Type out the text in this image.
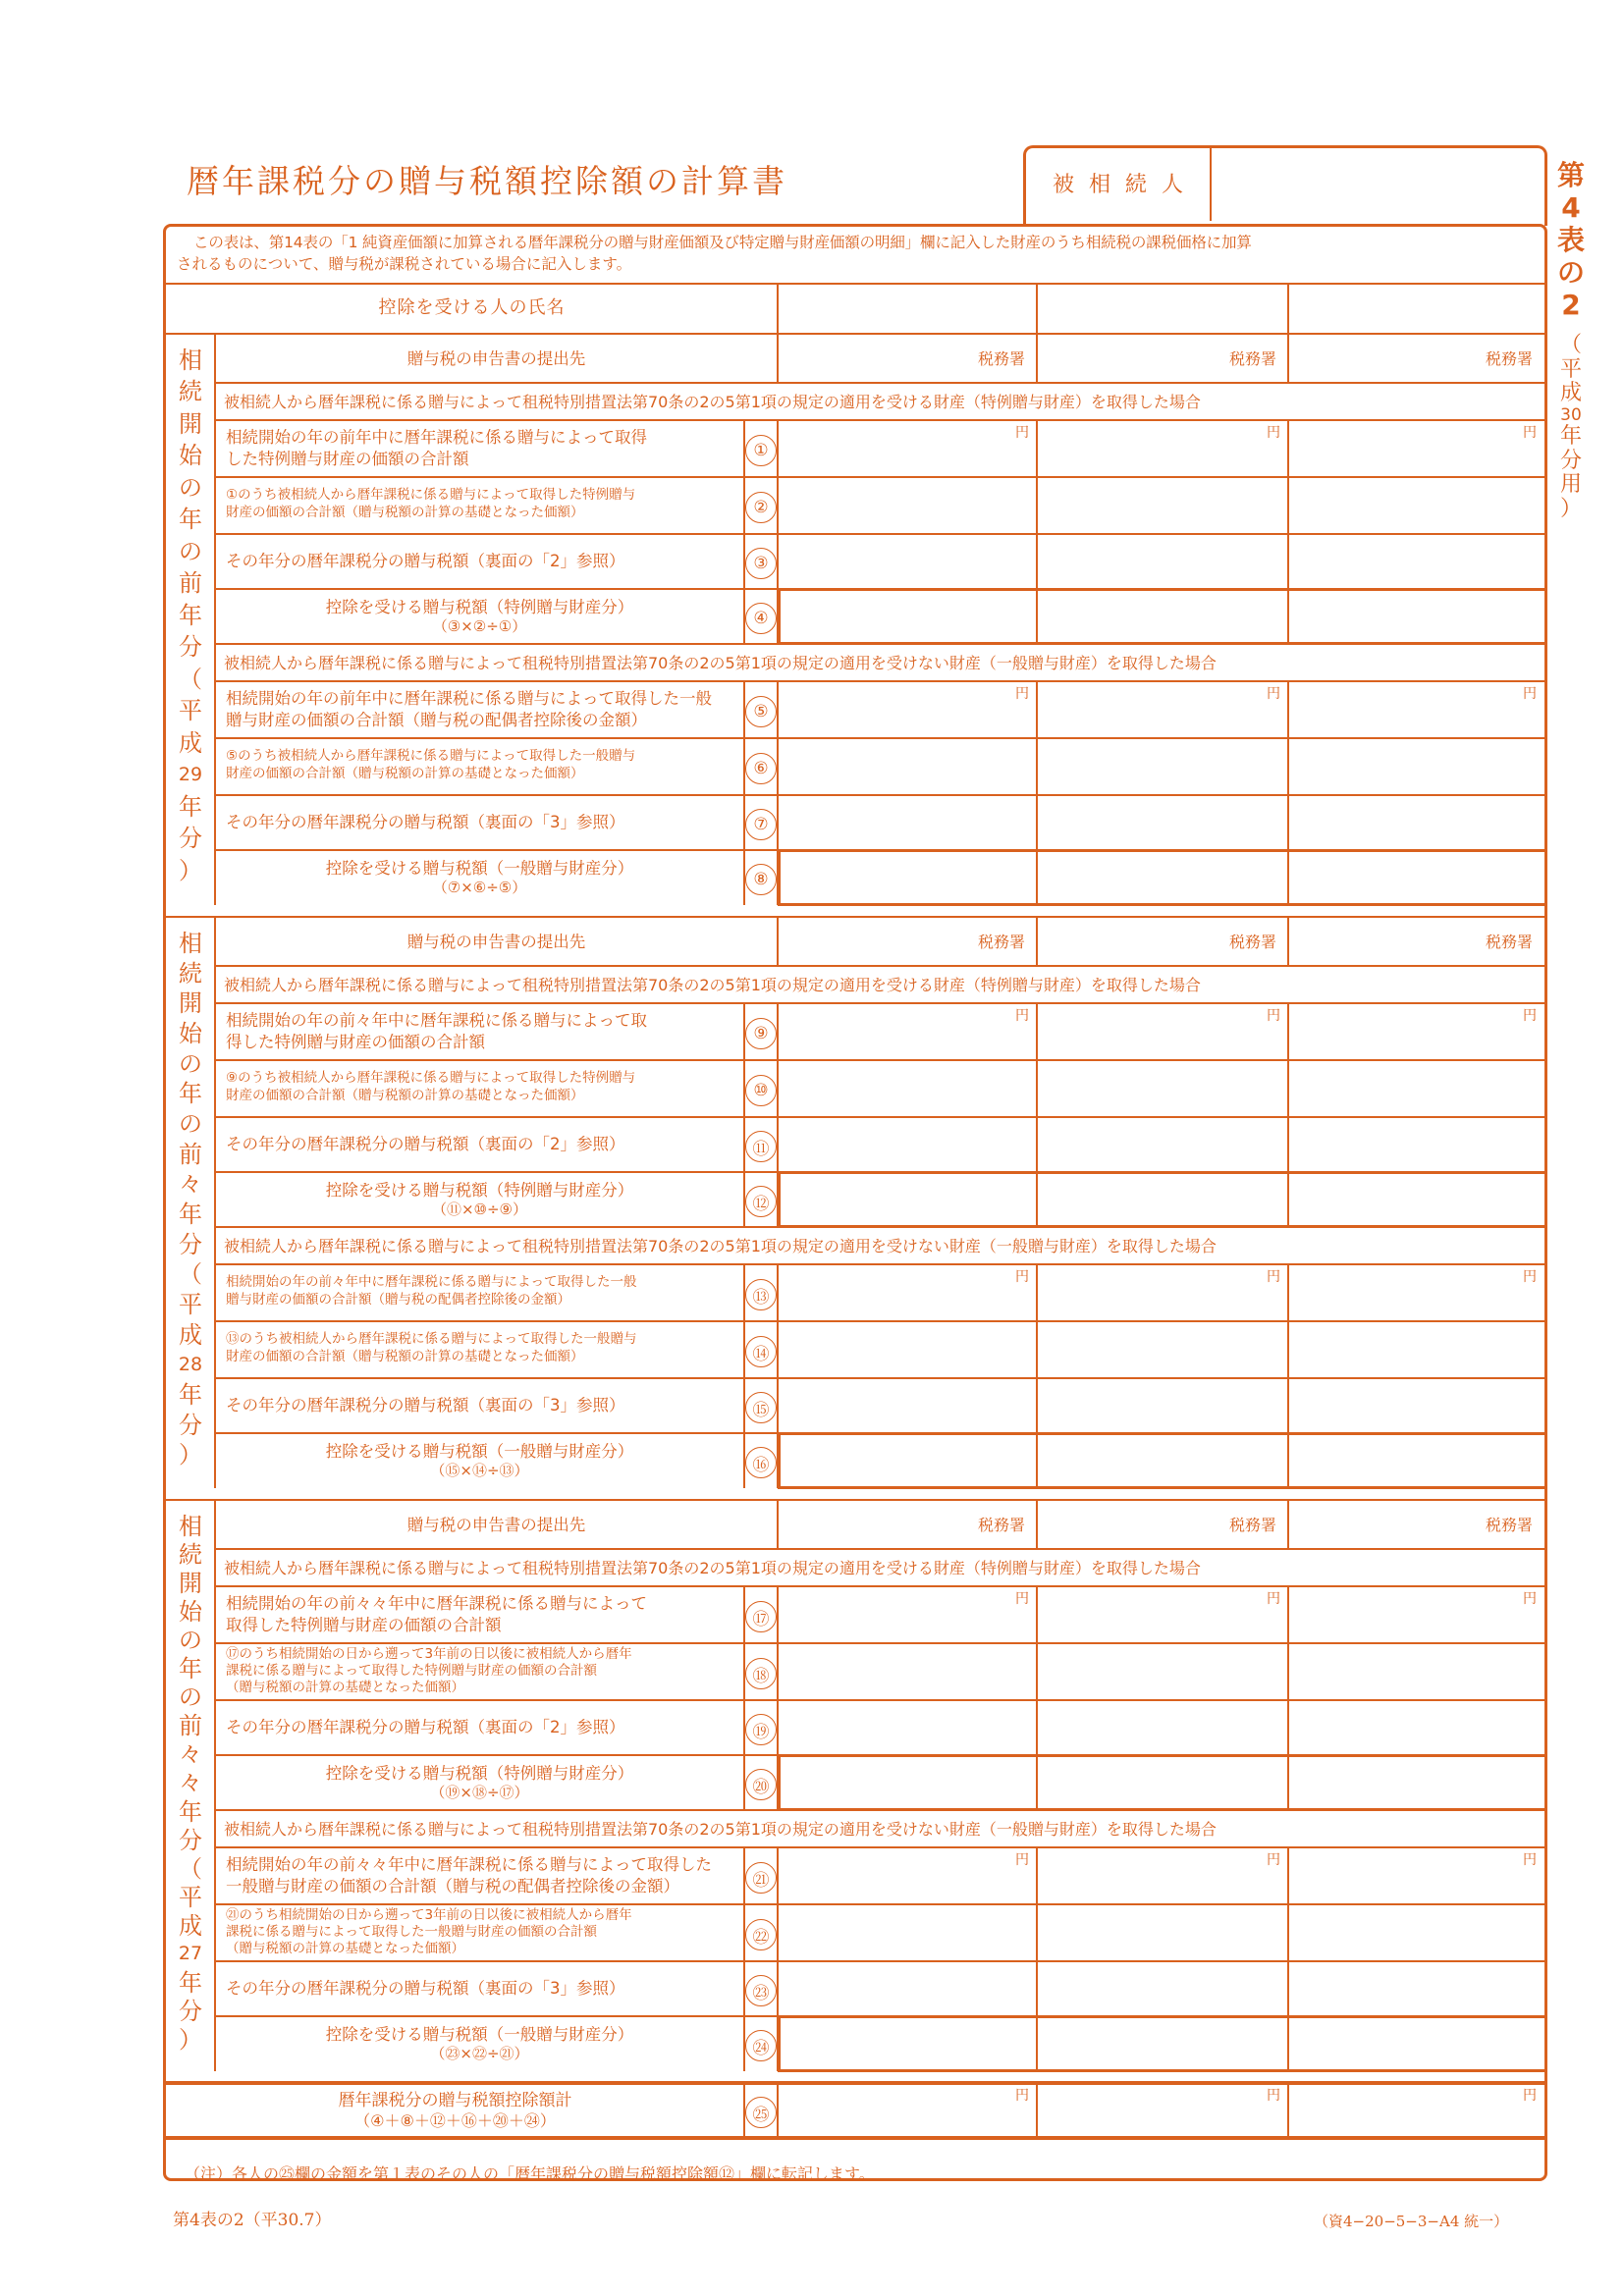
暦年課税分の贈与税額控除額の計算書	被 相 続 人	第
4
表
の
2
（
平
成
30
年
分
用
）
この表は、第14表の「1 純資産価額に加算される暦年課税分の贈与財産価額及び特定贈与財産価額の明細」欄に記入した財産のうち相続税の課税価格に加算
されるものについて、贈与税が課税されている場合に記入します。
控除を受ける人の氏名
贈与税の申告書の提出先	税務署	税務署	税務署
被相続人から暦年課税に係る贈与によって租税特別措置法第70条の2の5第1項の規定の適用を受ける財産（特例贈与財産）を取得した場合
相続開始の年の前年中に暦年課税に係る贈与によって取得
した特例贈与財産の価額の合計額	①
円	円	円
①のうち被相続人から暦年課税に係る贈与によって取得した特例贈与
財産の価額の合計額（贈与税額の計算の基礎となった価額）	②
その年分の暦年課税分の贈与税額（裏面の「2」参照）	③
控除を受ける贈与税額（特例贈与財産分）
（③×②÷①）	④
被相続人から暦年課税に係る贈与によって租税特別措置法第70条の2の5第1項の規定の適用を受けない財産（一般贈与財産）を取得した場合
相続開始の年の前年中に暦年課税に係る贈与によって取得した一般
贈与財産の価額の合計額（贈与税の配偶者控除後の金額）	⑤
円	円	円
⑤のうち被相続人から暦年課税に係る贈与によって取得した一般贈与
財産の価額の合計額（贈与税額の計算の基礎となった価額）	⑥
その年分の暦年課税分の贈与税額（裏面の「3」参照）	⑦
控除を受ける贈与税額（一般贈与財産分）
（⑦×⑥÷⑤）	⑧
相
続
開
始
の
年
の
前
年
分
（
平
成
29
年
分
）
贈与税の申告書の提出先	税務署	税務署	税務署
被相続人から暦年課税に係る贈与によって租税特別措置法第70条の2の5第1項の規定の適用を受ける財産（特例贈与財産）を取得した場合
相続開始の年の前々年中に暦年課税に係る贈与によって取
得した特例贈与財産の価額の合計額	⑨
円	円	円
⑨のうち被相続人から暦年課税に係る贈与によって取得した特例贈与
財産の価額の合計額（贈与税額の計算の基礎となった価額）	⑩
その年分の暦年課税分の贈与税額（裏面の「2」参照）	⑪
控除を受ける贈与税額（特例贈与財産分）
（⑪×⑩÷⑨）	⑫
被相続人から暦年課税に係る贈与によって租税特別措置法第70条の2の5第1項の規定の適用を受けない財産（一般贈与財産）を取得した場合
相続開始の年の前々年中に暦年課税に係る贈与によって取得した一般
贈与財産の価額の合計額（贈与税の配偶者控除後の金額）	⑬
円	円	円
⑬のうち被相続人から暦年課税に係る贈与によって取得した一般贈与
財産の価額の合計額（贈与税額の計算の基礎となった価額）	⑭
その年分の暦年課税分の贈与税額（裏面の「3」参照）	⑮
控除を受ける贈与税額（一般贈与財産分）
（⑮×⑭÷⑬）	⑯
相
続
開
始
の
年
の
前
々
年
分
（
平
成
28
年
分
）
贈与税の申告書の提出先	税務署	税務署	税務署
被相続人から暦年課税に係る贈与によって租税特別措置法第70条の2の5第1項の規定の適用を受ける財産（特例贈与財産）を取得した場合
相続開始の年の前々々年中に暦年課税に係る贈与によって
取得した特例贈与財産の価額の合計額	⑰
円	円	円
⑰のうち相続開始の日から遡って3年前の日以後に被相続人から暦年
課税に係る贈与によって取得した特例贈与財産の価額の合計額
（贈与税額の計算の基礎となった価額）
⑱
その年分の暦年課税分の贈与税額（裏面の「2」参照）	⑲
控除を受ける贈与税額（特例贈与財産分）
（⑲×⑱÷⑰）	⑳
被相続人から暦年課税に係る贈与によって租税特別措置法第70条の2の5第1項の規定の適用を受けない財産（一般贈与財産）を取得した場合
相続開始の年の前々々年中に暦年課税に係る贈与によって取得した
一般贈与財産の価額の合計額（贈与税の配偶者控除後の金額）	㉑
円	円	円
㉑のうち相続開始の日から遡って3年前の日以後に被相続人から暦年
課税に係る贈与によって取得した一般贈与財産の価額の合計額
（贈与税額の計算の基礎となった価額）
㉒
その年分の暦年課税分の贈与税額（裏面の「3」参照）	㉓
控除を受ける贈与税額（一般贈与財産分）
（㉓×㉒÷㉑）	㉔
相
続
開
始
の
年
の
前
々
々
年
分
（
平
成
27
年
分
）
暦年課税分の贈与税額控除額計
（④＋⑧＋⑫＋⑯＋⑳＋㉔）	㉕
円	円	円
（注）各人の㉕欄の金額を第１表のその人の「暦年課税分の贈与税額控除額⑫」欄に転記します。
第4表の2（平30.7）	（資4−20−5−3−A4 統一）
